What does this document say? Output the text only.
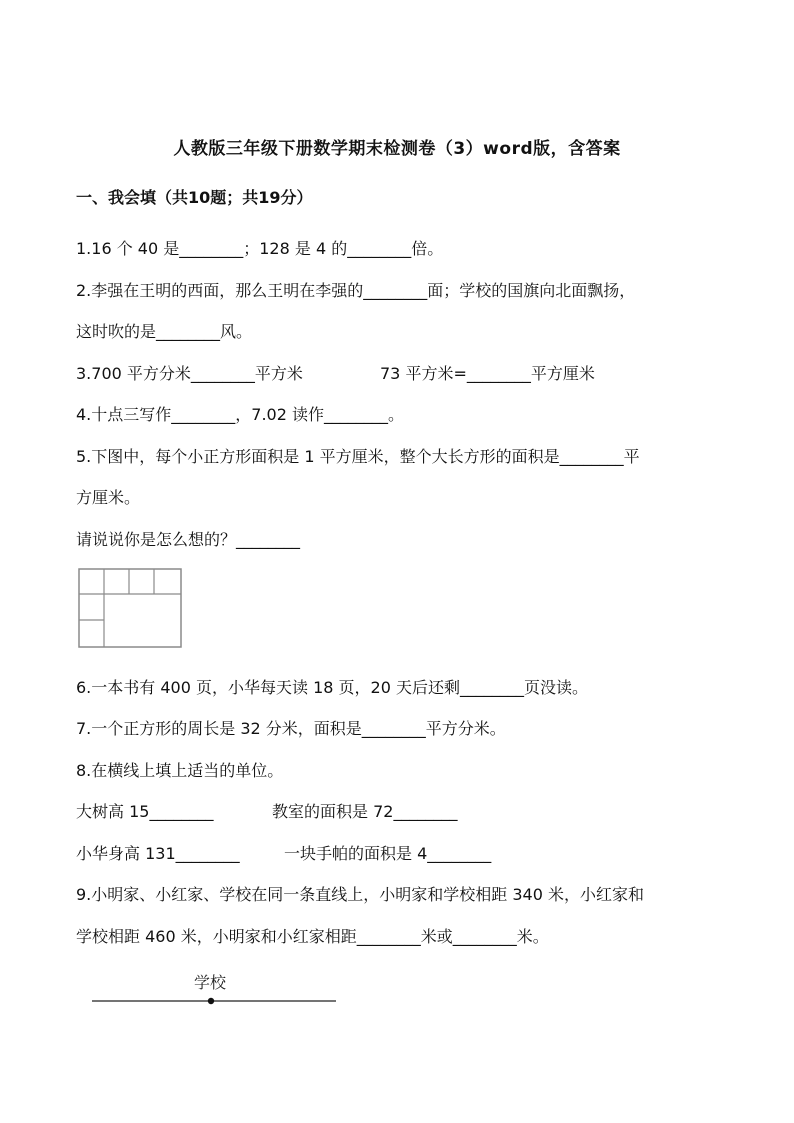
人教版三年级下册数学期末检测卷（3）word版，含答案
一、我会填（共10题；共19分）
1.16 个 40 是________；128 是 4 的________倍。
2.李强在王明的西面，那么王明在李强的________面；学校的国旗向北面飘扬，
这时吹的是________风。
3.700 平方分米________平方米	73 平方米=________平方厘米
4.十点三写作________，7.02 读作________。
5.下图中，每个小正方形面积是 1 平方厘米，整个大长方形的面积是________平
方厘米。
请说说你是怎么想的？________
6.一本书有 400 页，小华每天读 18 页，20 天后还剩________页没读。
7.一个正方形的周长是 32 分米，面积是________平方分米。
8.在横线上填上适当的单位。
大树高 15________	教室的面积是 72________
小华身高 131________	一块手帕的面积是 4________
9.小明家、小红家、学校在同一条直线上，小明家和学校相距 340 米，小红家和
学校相距 460 米，小明家和小红家相距________米或________米。
学校
